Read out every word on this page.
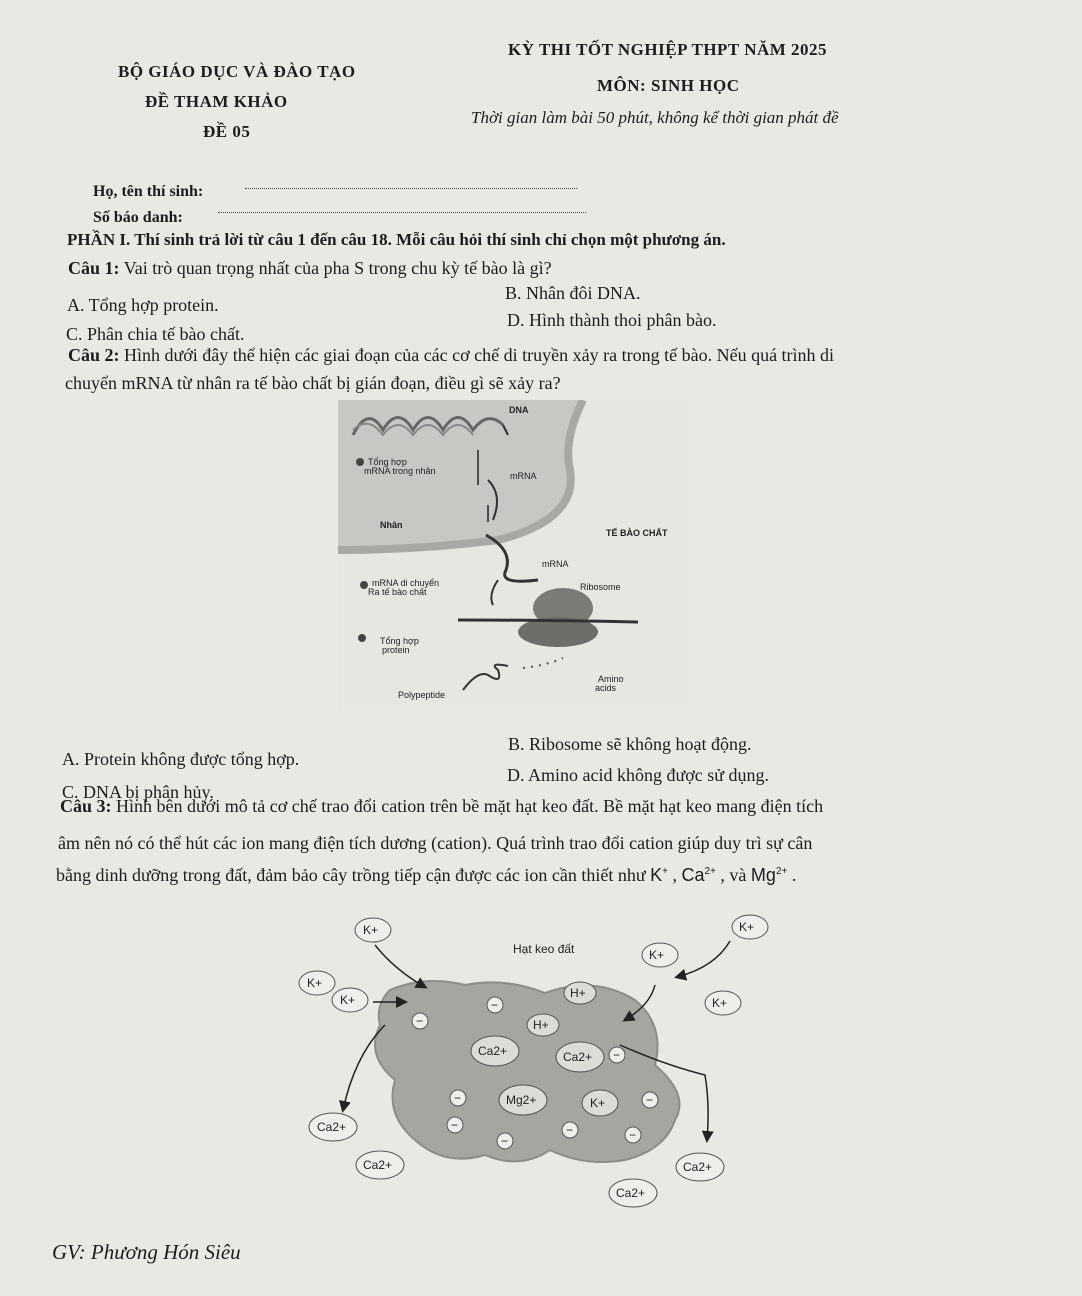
BỘ GIÁO DỤC VÀ ĐÀO TẠO
ĐỀ THAM KHẢO
ĐỀ 05
KỲ THI TỐT NGHIỆP THPT NĂM 2025
MÔN: SINH HỌC
Thời gian làm bài 50 phút, không kể thời gian phát đề
Họ, tên thí sinh:
Số báo danh:
PHẦN I. Thí sinh trả lời từ câu 1 đến câu 18. Mỗi câu hỏi thí sinh chỉ chọn một phương án.
Câu 1: Vai trò quan trọng nhất của pha S trong chu kỳ tế bào là gì?
A. Tổng hợp protein.
B. Nhân đôi DNA.
C. Phân chia tế bào chất.
D. Hình thành thoi phân bào.
Câu 2: Hình dưới đây thể hiện các giai đoạn của các cơ chế di truyền xảy ra trong tế bào. Nếu quá trình di
chuyển mRNA từ nhân ra tế bào chất bị gián đoạn, điều gì sẽ xảy ra?
DNA
Tổng hợp
mRNA trong nhân	mRNA
Nhân
TẾ BÀO CHẤT
mRNA
mRNA di chuyển
Ra tế bào chất	Ribosome
Tổng hợp
protein
Polypeptide
Amino
acids
A. Protein không được tổng hợp.
B. Ribosome sẽ không hoạt động.
C. DNA bị phân hủy.
D. Amino acid không được sử dụng.
Câu 3: Hình bên dưới mô tả cơ chế trao đổi cation trên bề mặt hạt keo đất. Bề mặt hạt keo mang điện tích
âm nên nó có thể hút các ion mang điện tích dương (cation). Quá trình trao đổi cation giúp duy trì sự cân
bằng dinh dưỡng trong đất, đảm bảo cây trồng tiếp cận được các ion cần thiết như K+ , $Ca^{2+}$ , và $Mg^{2+}$ .
Hạt keo đất
K+	K+
K+
K+
K+	K+
Ca2+
Ca2+	Ca2+
Ca2+
H+
H+
Ca2+	Ca2+
Mg2+	K+
−
−
−
−	−
−	−	−
−
GV: Phương Hón Siêu
